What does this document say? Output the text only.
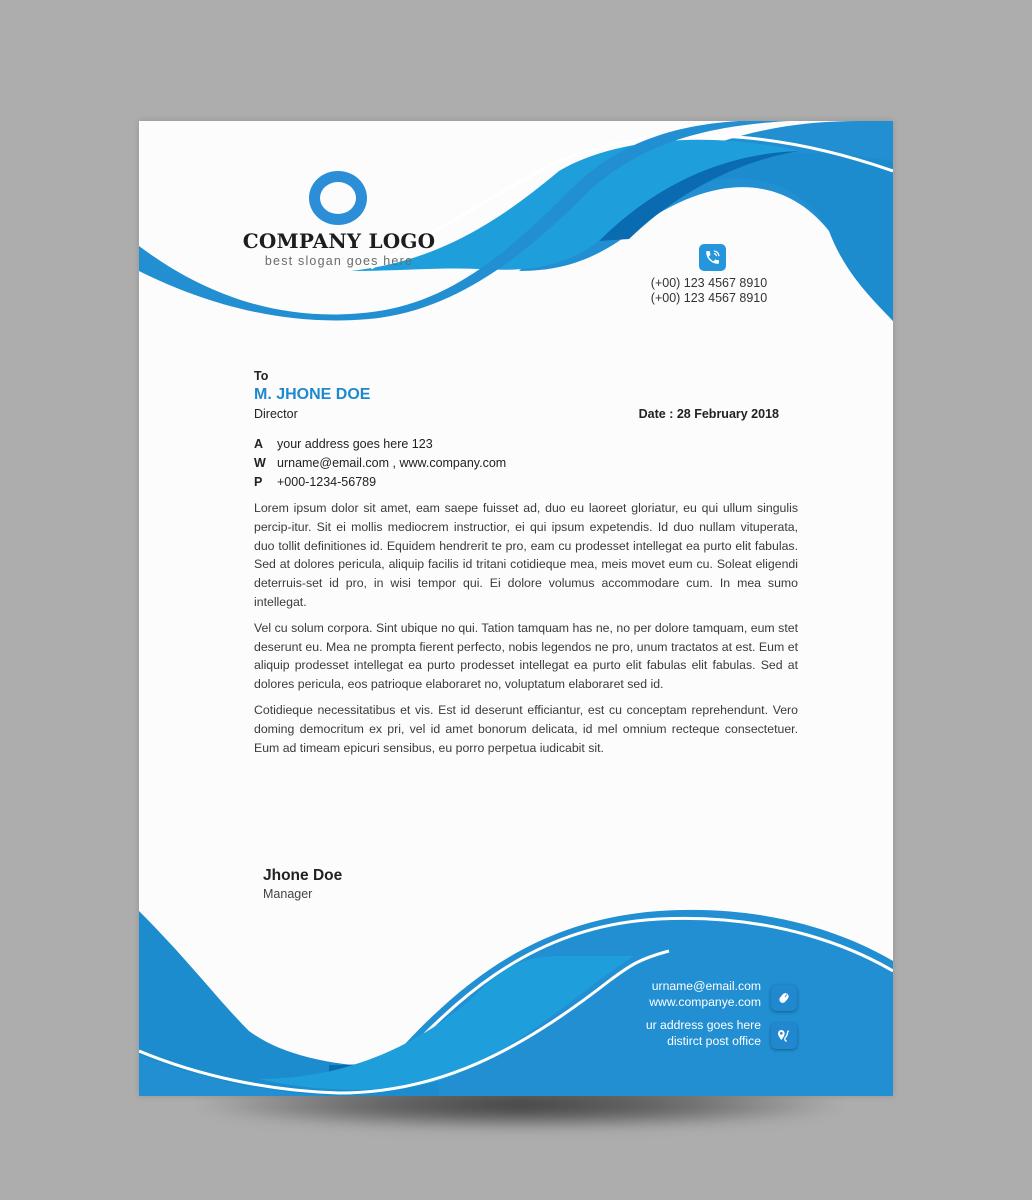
COMPANY LOGO
best slogan goes here
(+00) 123 4567 8910
(+00) 123 4567 8910
To
M. JHONE DOE
Director	Date : 28 February 2018
A	your address goes here 123
W urname@email.com , www.company.com
P	+000-1234-56789

Lorem ipsum dolor sit amet, eam saepe fuisset ad, duo eu laoreet gloriatur, eu qui ullum singulis percip-itur. Sit ei mollis mediocrem instructior, ei qui ipsum expetendis. Id duo nullam vituperata, duo tollit definitiones id. Equidem hendrerit te pro, eam cu prodesset intellegat ea purto elit fabulas. Sed at dolores pericula, aliquip facilis id tritani cotidieque mea, meis movet eum cu. Soleat eligendi deterruis-set id pro, in wisi tempor qui. Ei dolore volumus accommodare cum. In mea sumo intellegat.

Vel cu solum corpora. Sint ubique no qui. Tation tamquam has ne, no per dolore tamquam, eum stet deserunt eu. Mea ne prompta fierent perfecto, nobis legendos ne pro, unum tractatos at est. Eum et aliquip prodesset intellegat ea purto prodesset intellegat ea purto elit fabulas elit fabulas. Sed at dolores pericula, eos patrioque elaboraret no, voluptatum elaboraret sed id.

Cotidieque necessitatibus et vis. Est id deserunt efficiantur, est cu conceptam reprehendunt. Vero doming democritum ex pri, vel id amet bonorum delicata, id mel omnium recteque consectetuer. Eum ad timeam epicuri sensibus, eu porro perpetua iudicabit sit.

Jhone Doe
Manager
urname@email.com
www.companye.com
ur address goes here
distirct post office
